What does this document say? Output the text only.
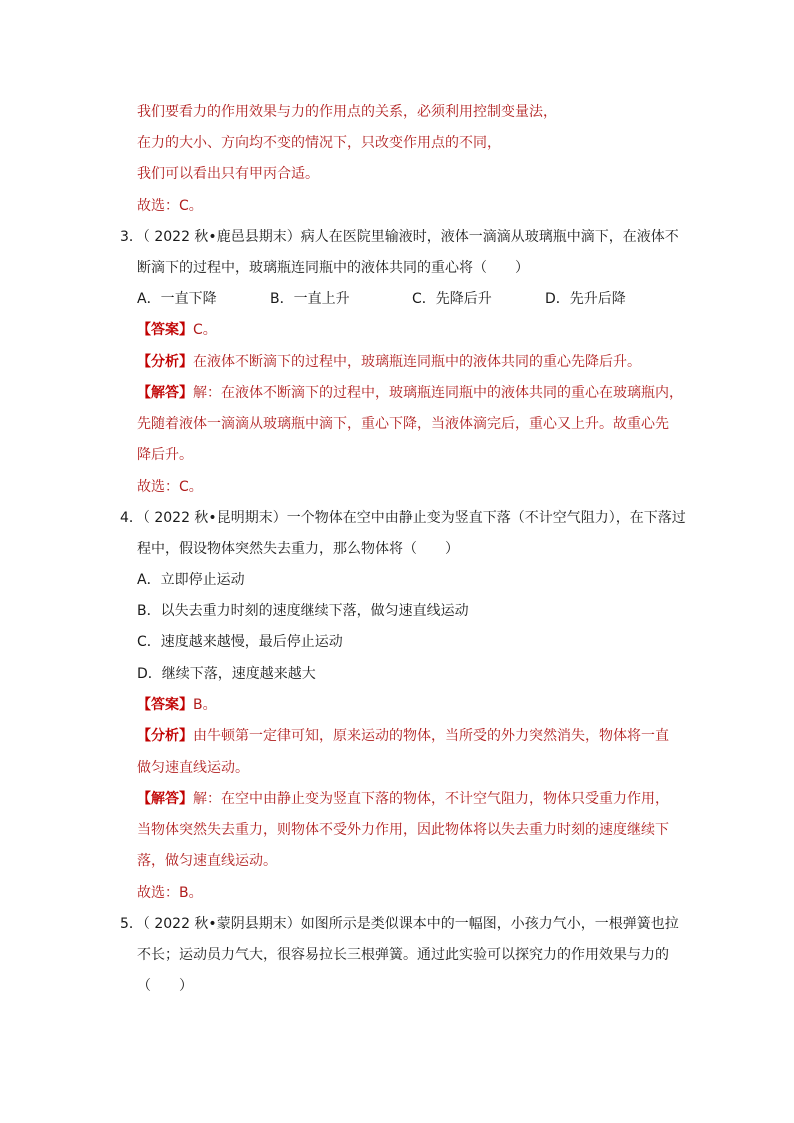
我们要看力的作用效果与力的作用点的关系，必须利用控制变量法，
在力的大小、方向均不变的情况下，只改变作用点的不同，
我们可以看出只有甲丙合适。
故选：C。
3．（ 2022 秋•鹿邑县期末）病人在医院里输液时，液体一滴滴从玻璃瓶中滴下，在液体不
断滴下的过程中，玻璃瓶连同瓶中的液体共同的重心将（　　）
A．一直下降	B．一直上升	C．先降后升	D．先升后降
【答案】C。
【分析】在液体不断滴下的过程中，玻璃瓶连同瓶中的液体共同的重心先降后升。
【解答】解：在液体不断滴下的过程中，玻璃瓶连同瓶中的液体共同的重心在玻璃瓶内，
先随着液体一滴滴从玻璃瓶中滴下，重心下降，当液体滴完后，重心又上升。故重心先
降后升。
故选：C。
4．（ 2022 秋•昆明期末）一个物体在空中由静止变为竖直下落（不计空气阻力），在下落过
程中，假设物体突然失去重力，那么物体将（　　）
A．立即停止运动
B．以失去重力时刻的速度继续下落，做匀速直线运动
C．速度越来越慢，最后停止运动
D．继续下落，速度越来越大
【答案】B。
【分析】由牛顿第一定律可知，原来运动的物体，当所受的外力突然消失，物体将一直
做匀速直线运动。
【解答】解：在空中由静止变为竖直下落的物体，不计空气阻力，物体只受重力作用，
当物体突然失去重力，则物体不受外力作用，因此物体将以失去重力时刻的速度继续下
落，做匀速直线运动。
故选：B。
5．（ 2022 秋•蒙阴县期末）如图所示是类似课本中的一幅图，小孩力气小，一根弹簧也拉
不长；运动员力气大，很容易拉长三根弹簧。通过此实验可以探究力的作用效果与力的
（　　）
